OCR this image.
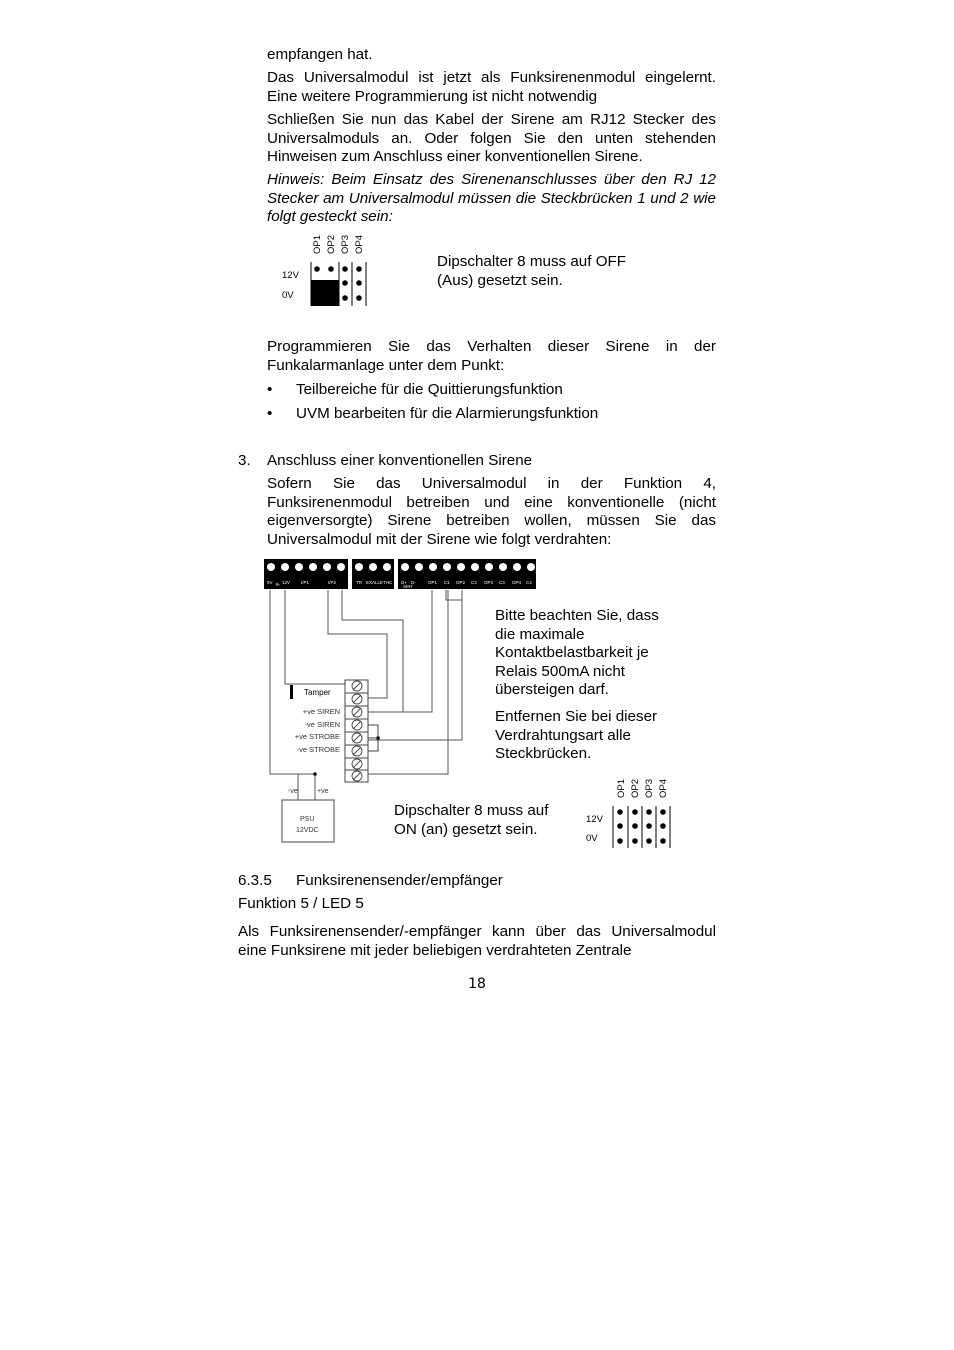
empfangen hat.

Das Universalmodul ist jetzt als Funksirenenmodul eingelernt. Eine weitere Programmierung ist nicht notwendig

Schließen Sie nun das Kabel der Sirene am RJ12 Stecker des Universalmoduls an. Oder folgen Sie den unten stehenden Hinweisen zum Anschluss einer konventionellen Sirene.

Hinweis: Beim Einsatz des Sirenenanschlusses über den RJ 12 Stecker am Universalmodul müssen die Steckbrücken 1 und 2 wie folgt gesteckt sein:

OP1 OP2 OP3 OP4
12V
0V

Dipschalter 8 muss auf OFF (Aus) gesetzt sein.

Programmieren Sie das Verhalten dieser Sirene in der Funkalarmanlage unter dem Punkt:

• Teilbereiche für die Quittierungsfunktion

• UVM bearbeiten für die Alarmierungsfunktion

3. Anschluss einer konventionellen Sirene

Sofern Sie das Universalmodul in der Funktion 4, Funksirenenmodul betreiben und eine konventionelle (nicht eigenversorgte) Sirene betreiben wollen, müssen Sie das Universalmodul mit der Sirene wie folgt verdrahten:

0V 9- 12V I/P1	I/P2	TR EXALL ETHC D+ D-
SMT
OP1 C1 OP2 C2 OP3 C3 OP4 C4
Tamper
+ve SIREN
-ve SIREN
+ve STROBE
-ve STROBE
-ve	+ve
PSU
12VDC

Bitte beachten Sie, dass die maximale Kontaktbelastbarkeit je Relais 500mA nicht übersteigen darf.

Entfernen Sie bei dieser Verdrahtungsart alle Steckbrücken.

Dipschalter 8 muss auf ON (an) gesetzt sein.

OP1 OP2 OP3 OP4
12V
0V

6.3.5 Funksirenensender/empfänger

Funktion 5 / LED 5

Als Funksirenensender/-empfänger kann über das Universalmodul eine Funksirene mit jeder beliebigen verdrahteten Zentrale

18
